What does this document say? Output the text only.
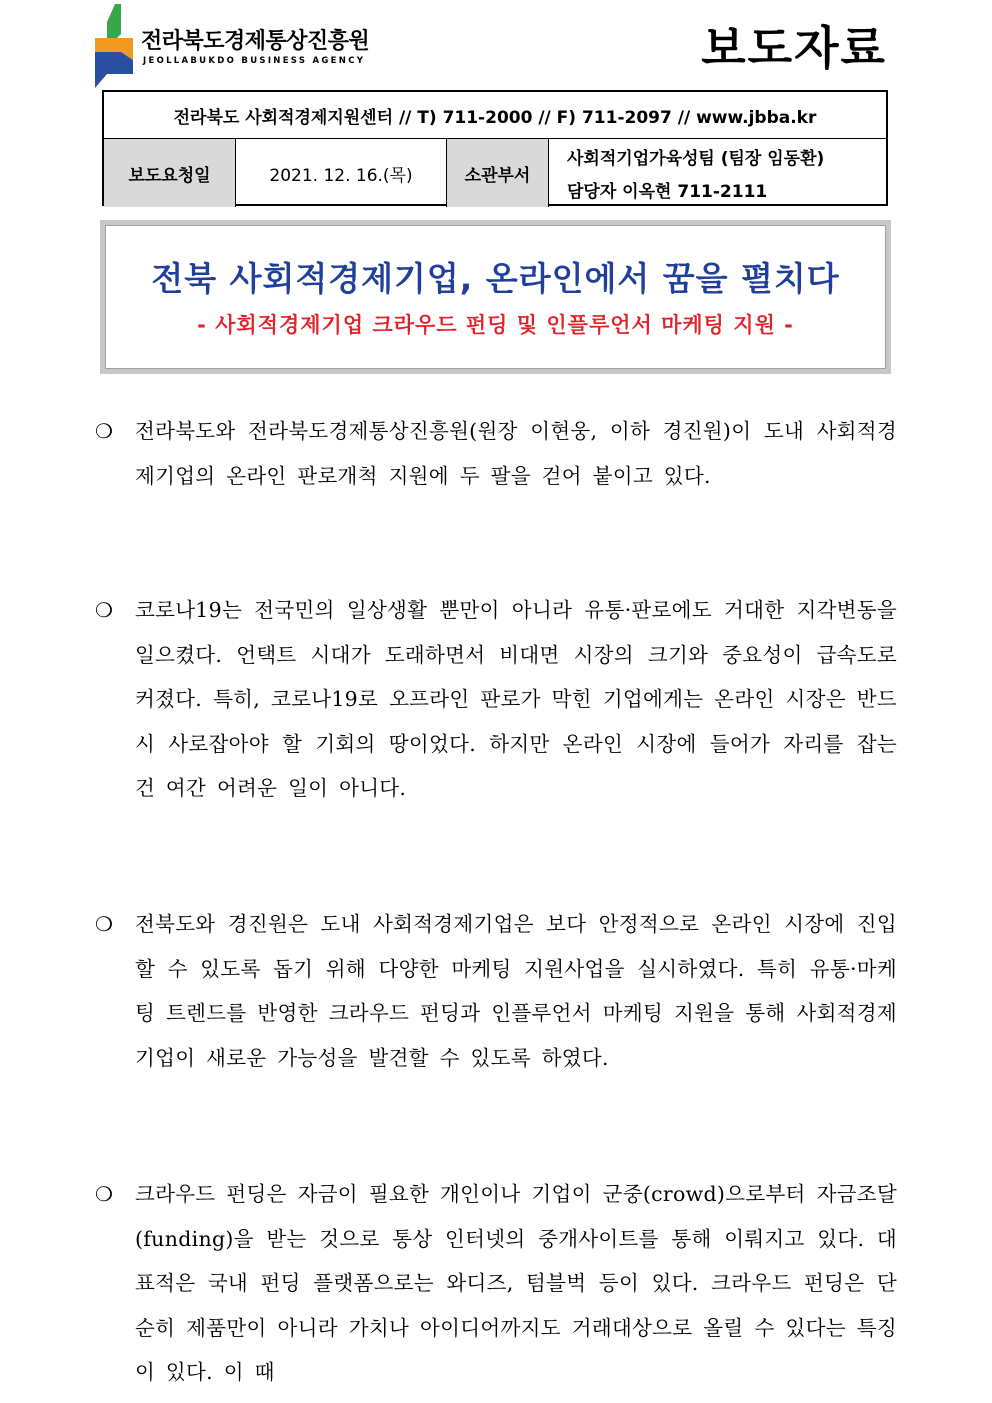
전라북도경제통상진흥원
JEOLLABUKDO BUSINESS AGENCY	보도자료
전라북도 사회적경제지원센터 // T) 711-2000 // F) 711-2097 // www.jbba.kr
보도요청일	2021. 12. 16.(목)	소관부서
사회적기업가육성팀 (팀장 임동환)
담당자 이옥현 711-2111
전북 사회적경제기업, 온라인에서 꿈을 펼치다
- 사회적경제기업 크라우드 펀딩 및 인플루언서 마케팅 지원 -
❍ 전라북도와 전라북도경제통상진흥원(원장 이현웅, 이하 경진원)이 도내 사회적경제기업의 온라인 판로개척 지원에 두 팔을 걷어 붙이고 있다.
❍ 코로나19는 전국민의 일상생활 뿐만이 아니라 유통·판로에도 거대한 지각변동을 일으켰다. 언택트 시대가 도래하면서 비대면 시장의 크기와 중요성이 급속도로 커졌다. 특히, 코로나19로 오프라인 판로가 막힌 기업에게는 온라인 시장은 반드시 사로잡아야 할 기회의 땅이었다. 하지만 온라인 시장에 들어가 자리를 잡는 건 여간 어려운 일이 아니다.
❍ 전북도와 경진원은 도내 사회적경제기업은 보다 안정적으로 온라인 시장에 진입할 수 있도록 돕기 위해 다양한 마케팅 지원사업을 실시하였다. 특히 유통·마케팅 트렌드를 반영한 크라우드 펀딩과 인플루언서 마케팅 지원을 통해 사회적경제기업이 새로운 가능성을 발견할 수 있도록 하였다.
❍ 크라우드 펀딩은 자금이 필요한 개인이나 기업이 군중(crowd)으로부터 자금조달(funding)을 받는 것으로 통상 인터넷의 중개사이트를 통해 이뤄지고 있다. 대표적은 국내 펀딩 플랫폼으로는 와디즈, 텀블벅 등이 있다. 크라우드 펀딩은 단순히 제품만이 아니라 가치나 아이디어까지도 거래대상으로 올릴 수 있다는 특징이 있다. 이 때
